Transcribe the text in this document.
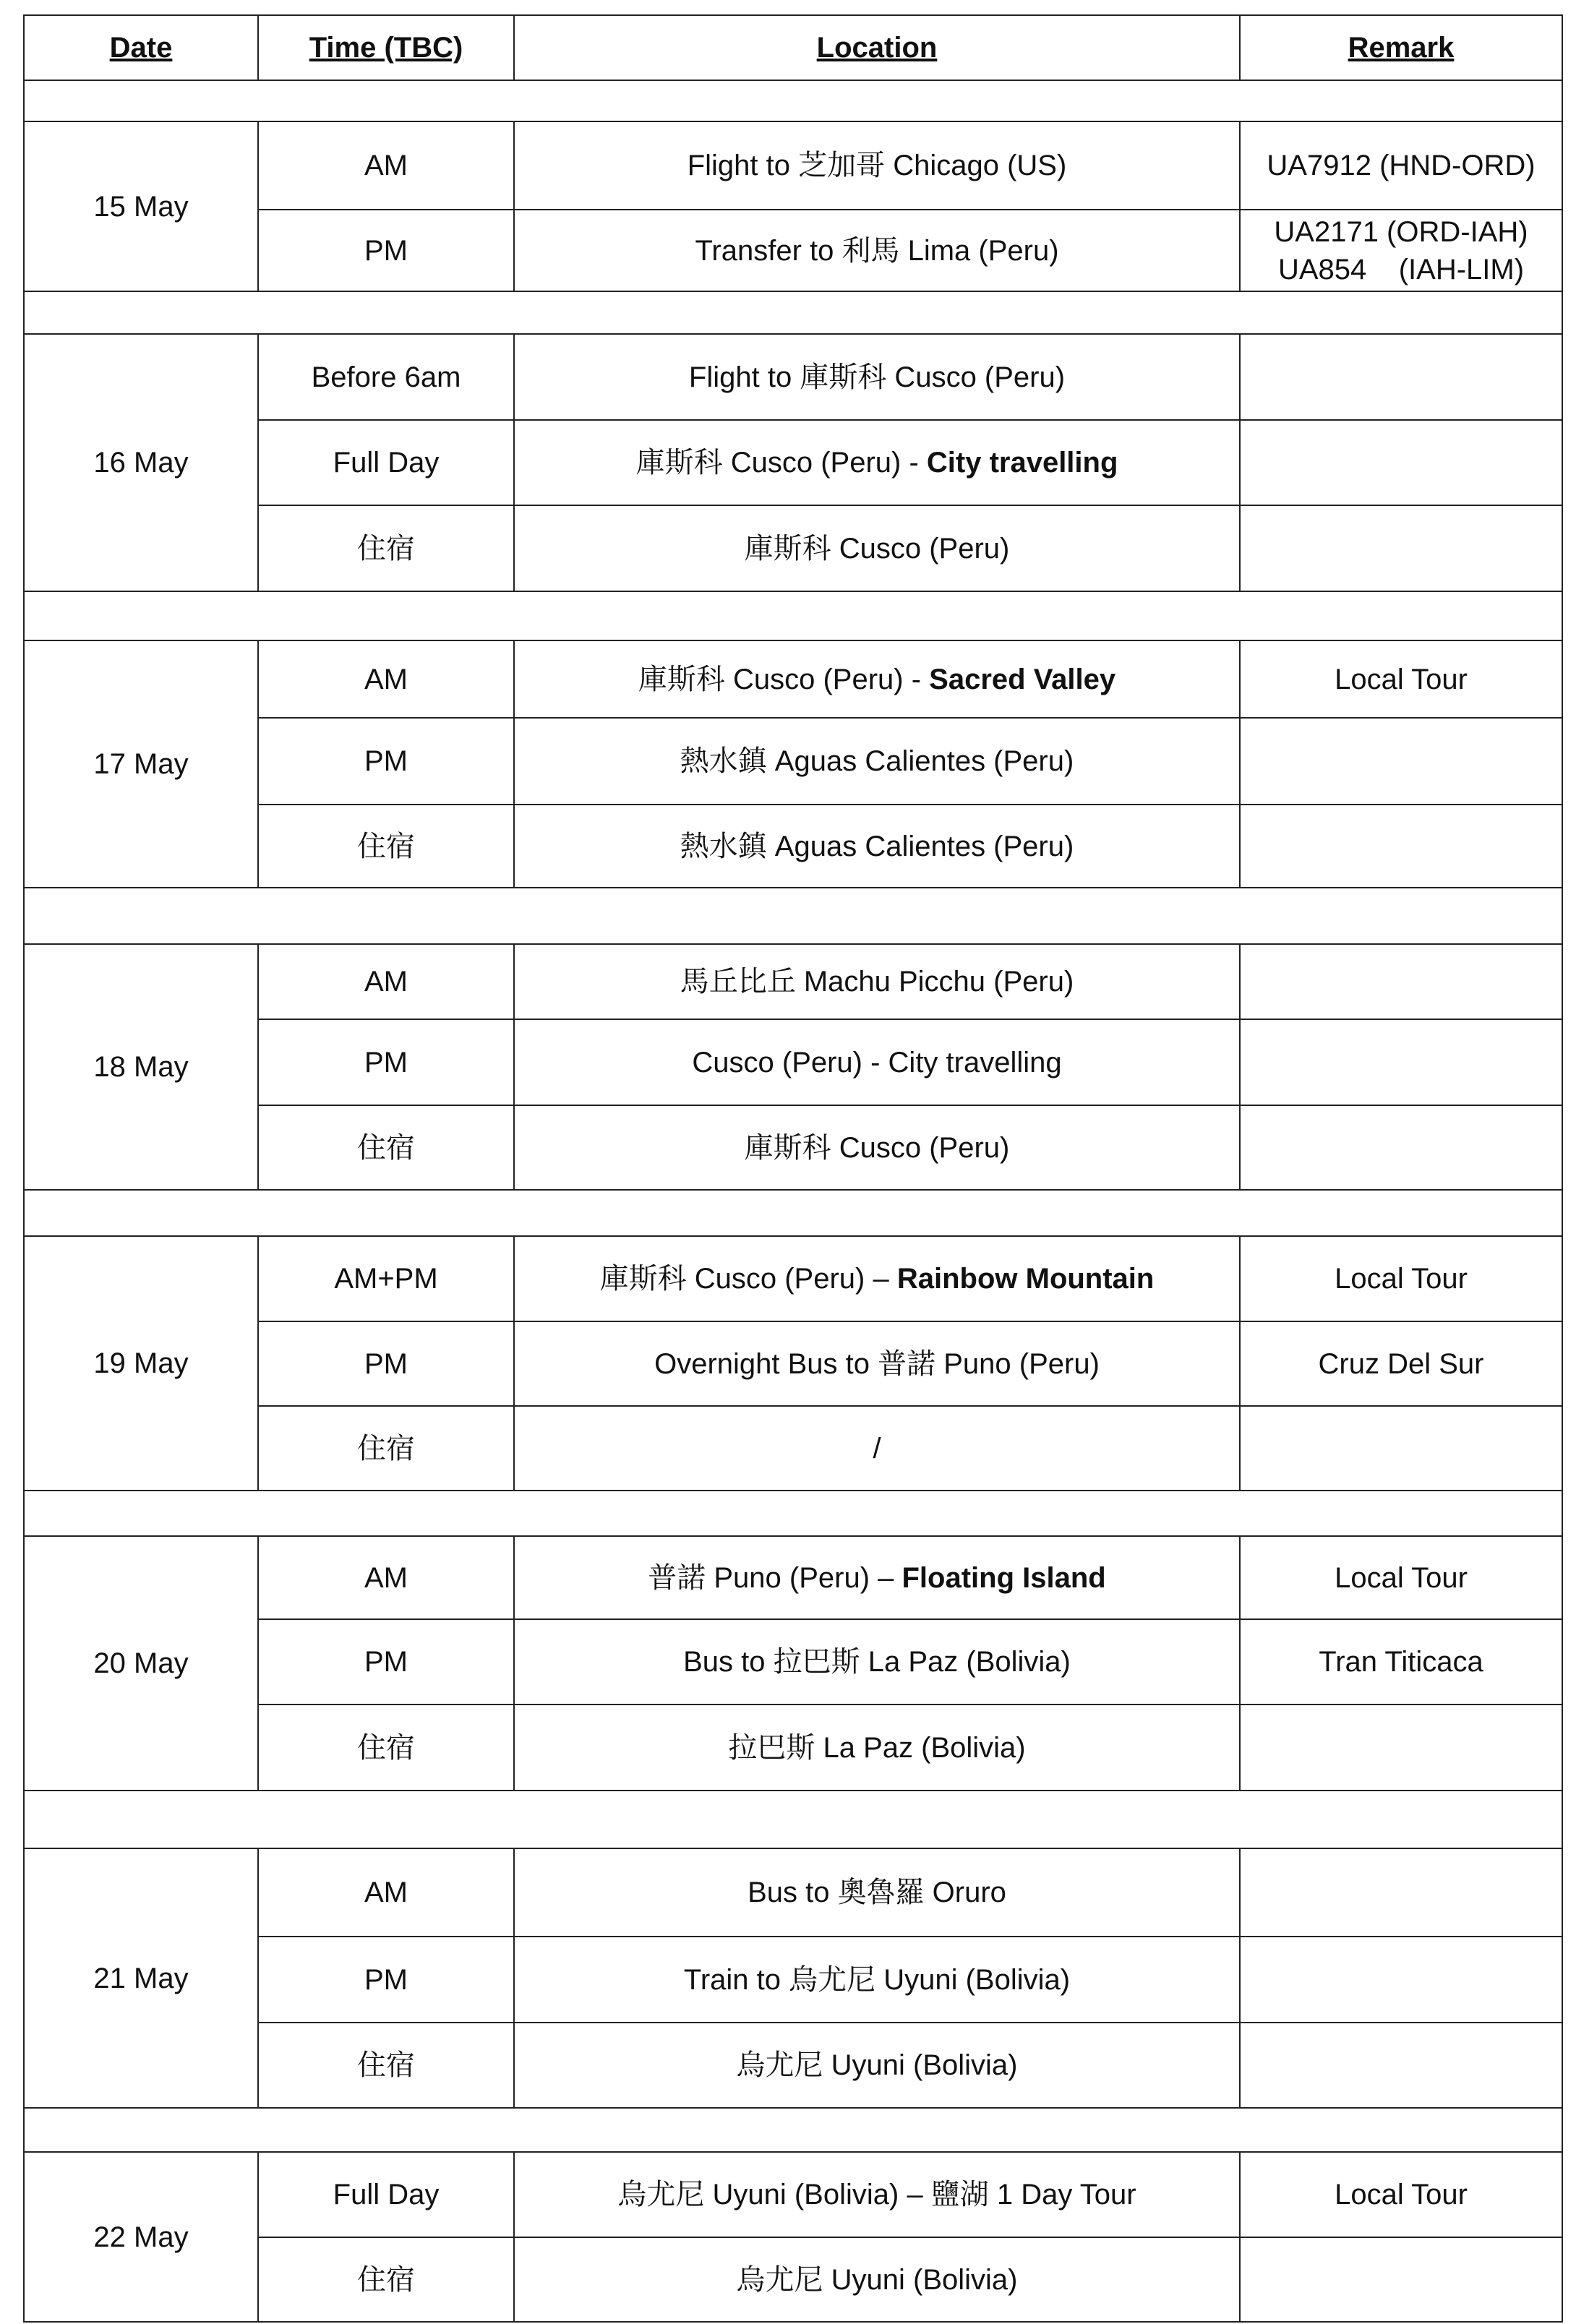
Date	Time (TBC)	Location	Remark

15 May	AM	Flight to 芝加哥 Chicago (US)	UA7912 (HND-ORD)

	PM	Transfer to 利馬 Lima (Peru)	UA2171 (ORD-IAH)
UA854    (IAH-LIM)

16 May	Before 6am	Flight to 庫斯科 Cusco (Peru)	
	Full Day	庫斯科 Cusco (Peru) - City travelling	
	住宿	庫斯科 Cusco (Peru)	

17 May	AM	庫斯科 Cusco (Peru) - Sacred Valley	Local Tour

	PM	熱水鎮 Aguas Calientes (Peru)	
	住宿	熱水鎮 Aguas Calientes (Peru)	

18 May	AM	馬丘比丘 Machu Picchu (Peru)	
	PM	Cusco (Peru) - City travelling	
	住宿	庫斯科 Cusco (Peru)	

19 May	AM+PM	庫斯科 Cusco (Peru) – Rainbow Mountain	Local Tour

	PM	Overnight Bus to 普諾 Puno (Peru)	Cruz Del Sur

	住宿	/	

20 May	AM	普諾 Puno (Peru) – Floating Island	Local Tour

	PM	Bus to 拉巴斯 La Paz (Bolivia)	Tran Titicaca

	住宿	拉巴斯 La Paz (Bolivia)	

21 May	AM	Bus to 奧魯羅 Oruro	
	PM	Train to 烏尤尼 Uyuni (Bolivia)	
	住宿	烏尤尼 Uyuni (Bolivia)	

22 May	Full Day	烏尤尼 Uyuni (Bolivia) – 鹽湖 1 Day Tour	Local Tour

	住宿	烏尤尼 Uyuni (Bolivia)	
